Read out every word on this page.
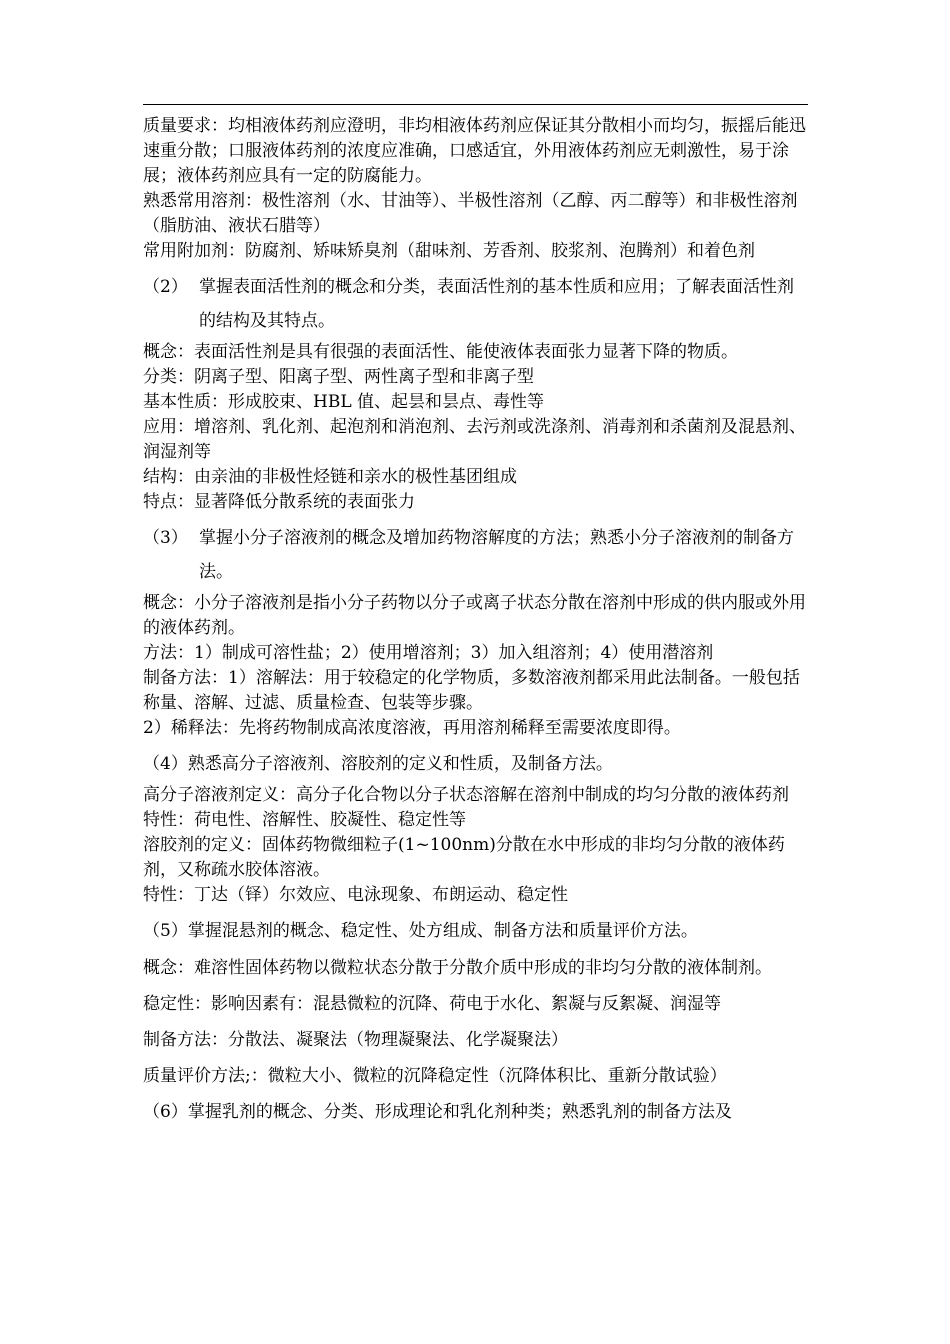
质量要求：均相液体药剂应澄明，非均相液体药剂应保证其分散相小而均匀，振摇后能迅速重分散；口服液体药剂的浓度应准确，口感适宜，外用液体药剂应无刺激性，易于涂展；液体药剂应具有一定的防腐能力。

熟悉常用溶剂：极性溶剂（水、甘油等）、半极性溶剂（乙醇、丙二醇等）和非极性溶剂（脂肪油、液状石腊等）

常用附加剂：防腐剂、矫味矫臭剂（甜味剂、芳香剂、胶浆剂、泡腾剂）和着色剂

（2） 掌握表面活性剂的概念和分类，表面活性剂的基本性质和应用；了解表面活性剂的结构及其特点。

概念：表面活性剂是具有很强的表面活性、能使液体表面张力显著下降的物质。

分类：阴离子型、阳离子型、两性离子型和非离子型

基本性质：形成胶束、HBL 值、起昙和昙点、毒性等

应用：增溶剂、乳化剂、起泡剂和消泡剂、去污剂或洗涤剂、消毒剂和杀菌剂及混悬剂、润湿剂等

结构：由亲油的非极性烃链和亲水的极性基团组成

特点：显著降低分散系统的表面张力

（3） 掌握小分子溶液剂的概念及增加药物溶解度的方法；熟悉小分子溶液剂的制备方法。

概念：小分子溶液剂是指小分子药物以分子或离子状态分散在溶剂中形成的供内服或外用的液体药剂。

方法：1）制成可溶性盐；2）使用增溶剂；3）加入组溶剂；4）使用潜溶剂

制备方法：1）溶解法：用于较稳定的化学物质，多数溶液剂都采用此法制备。一般包括称量、溶解、过滤、质量检查、包装等步骤。

2）稀释法：先将药物制成高浓度溶液，再用溶剂稀释至需要浓度即得。

（4）熟悉高分子溶液剂、溶胶剂的定义和性质，及制备方法。

高分子溶液剂定义：高分子化合物以分子状态溶解在溶剂中制成的均匀分散的液体药剂

特性：荷电性、溶解性、胶凝性、稳定性等

溶胶剂的定义：固体药物微细粒子(1~100nm)分散在水中形成的非均匀分散的液体药剂，又称疏水胶体溶液。

特性：丁达（铎）尔效应、电泳现象、布朗运动、稳定性

（5）掌握混悬剂的概念、稳定性、处方组成、制备方法和质量评价方法。

概念：难溶性固体药物以微粒状态分散于分散介质中形成的非均匀分散的液体制剂。

稳定性：影响因素有：混悬微粒的沉降、荷电于水化、絮凝与反絮凝、润湿等

制备方法：分散法、凝聚法（物理凝聚法、化学凝聚法）

质量评价方法;：微粒大小、微粒的沉降稳定性（沉降体积比、重新分散试验）

（6）掌握乳剂的概念、分类、形成理论和乳化剂种类；熟悉乳剂的制备方法及
